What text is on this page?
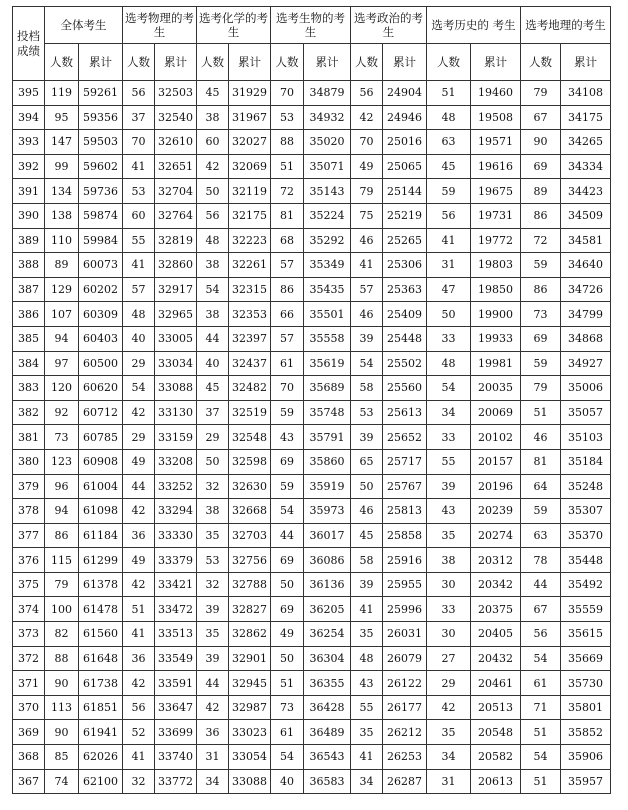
投档成绩	全体考生		选考物理的考生		选考化学的考生		选考生物的考生		选考政治的考生		选考历史的 考生		选考地理的考生	
	人数	累计	人数	累计	人数	累计	人数	累计	人数	累计	人数	累计	人数	累计
395	119	59261	56	32503	45	31929	70	34879	56	24904	51	19460	79	34108
394	95	59356	37	32540	38	31967	53	34932	42	24946	48	19508	67	34175
393	147	59503	70	32610	60	32027	88	35020	70	25016	63	19571	90	34265
392	99	59602	41	32651	42	32069	51	35071	49	25065	45	19616	69	34334
391	134	59736	53	32704	50	32119	72	35143	79	25144	59	19675	89	34423
390	138	59874	60	32764	56	32175	81	35224	75	25219	56	19731	86	34509
389	110	59984	55	32819	48	32223	68	35292	46	25265	41	19772	72	34581
388	89	60073	41	32860	38	32261	57	35349	41	25306	31	19803	59	34640
387	129	60202	57	32917	54	32315	86	35435	57	25363	47	19850	86	34726
386	107	60309	48	32965	38	32353	66	35501	46	25409	50	19900	73	34799
385	94	60403	40	33005	44	32397	57	35558	39	25448	33	19933	69	34868
384	97	60500	29	33034	40	32437	61	35619	54	25502	48	19981	59	34927
383	120	60620	54	33088	45	32482	70	35689	58	25560	54	20035	79	35006
382	92	60712	42	33130	37	32519	59	35748	53	25613	34	20069	51	35057
381	73	60785	29	33159	29	32548	43	35791	39	25652	33	20102	46	35103
380	123	60908	49	33208	50	32598	69	35860	65	25717	55	20157	81	35184
379	96	61004	44	33252	32	32630	59	35919	50	25767	39	20196	64	35248
378	94	61098	42	33294	38	32668	54	35973	46	25813	43	20239	59	35307
377	86	61184	36	33330	35	32703	44	36017	45	25858	35	20274	63	35370
376	115	61299	49	33379	53	32756	69	36086	58	25916	38	20312	78	35448
375	79	61378	42	33421	32	32788	50	36136	39	25955	30	20342	44	35492
374	100	61478	51	33472	39	32827	69	36205	41	25996	33	20375	67	35559
373	82	61560	41	33513	35	32862	49	36254	35	26031	30	20405	56	35615
372	88	61648	36	33549	39	32901	50	36304	48	26079	27	20432	54	35669
371	90	61738	42	33591	44	32945	51	36355	43	26122	29	20461	61	35730
370	113	61851	56	33647	42	32987	73	36428	55	26177	42	20513	71	35801
369	90	61941	52	33699	36	33023	61	36489	35	26212	35	20548	51	35852
368	85	62026	41	33740	31	33054	54	36543	41	26253	34	20582	54	35906
367	74	62100	32	33772	34	33088	40	36583	34	26287	31	20613	51	35957
